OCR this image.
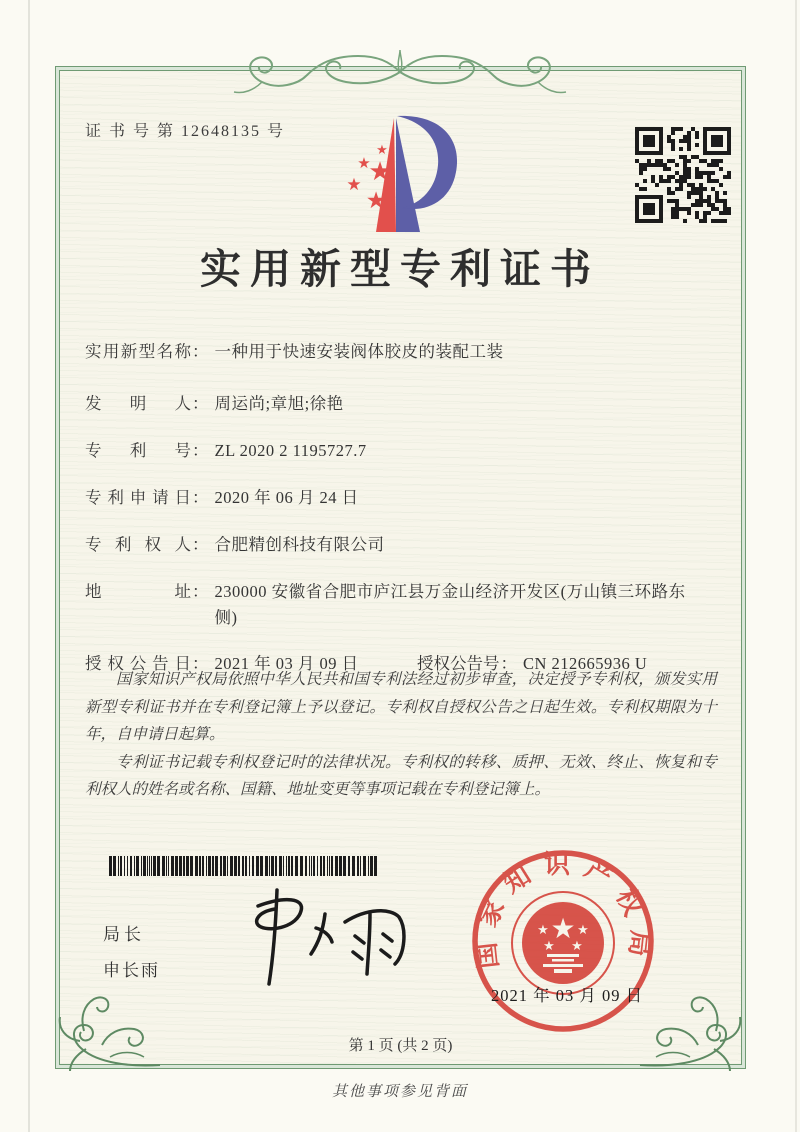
证 书 号 第 12648135 号
★
★
★
★
★
实用新型专利证书
实用新型名称： 一种用于快速安装阀体胶皮的装配工装
发明人： 周运尚;章旭;徐艳
专利号： ZL 2020 2 1195727.7
专利申请日： 2020 年 06 月 24 日
专利权人： 合肥精创科技有限公司
地址： 230000 安徽省合肥市庐江县万金山经济开发区(万山镇三环路东侧)
授权公告日： 2021 年 03 月 09 日	授权公告号： CN 212665936 U

国家知识产权局依照中华人民共和国专利法经过初步审查，决定授予专利权，颁发实用新型专利证书并在专利登记簿上予以登记。专利权自授权公告之日起生效。专利权期限为十年，自申请日起算。

专利证书记载专利权登记时的法律状况。专利权的转移、质押、无效、终止、恢复和专利权人的姓名或名称、国籍、地址变更等事项记载在专利登记簿上。

局长
申长雨
★
★ ★
★ ★
国家知识产权局
2021 年 03 月 09 日
第 1 页 (共 2 页)
其他事项参见背面
